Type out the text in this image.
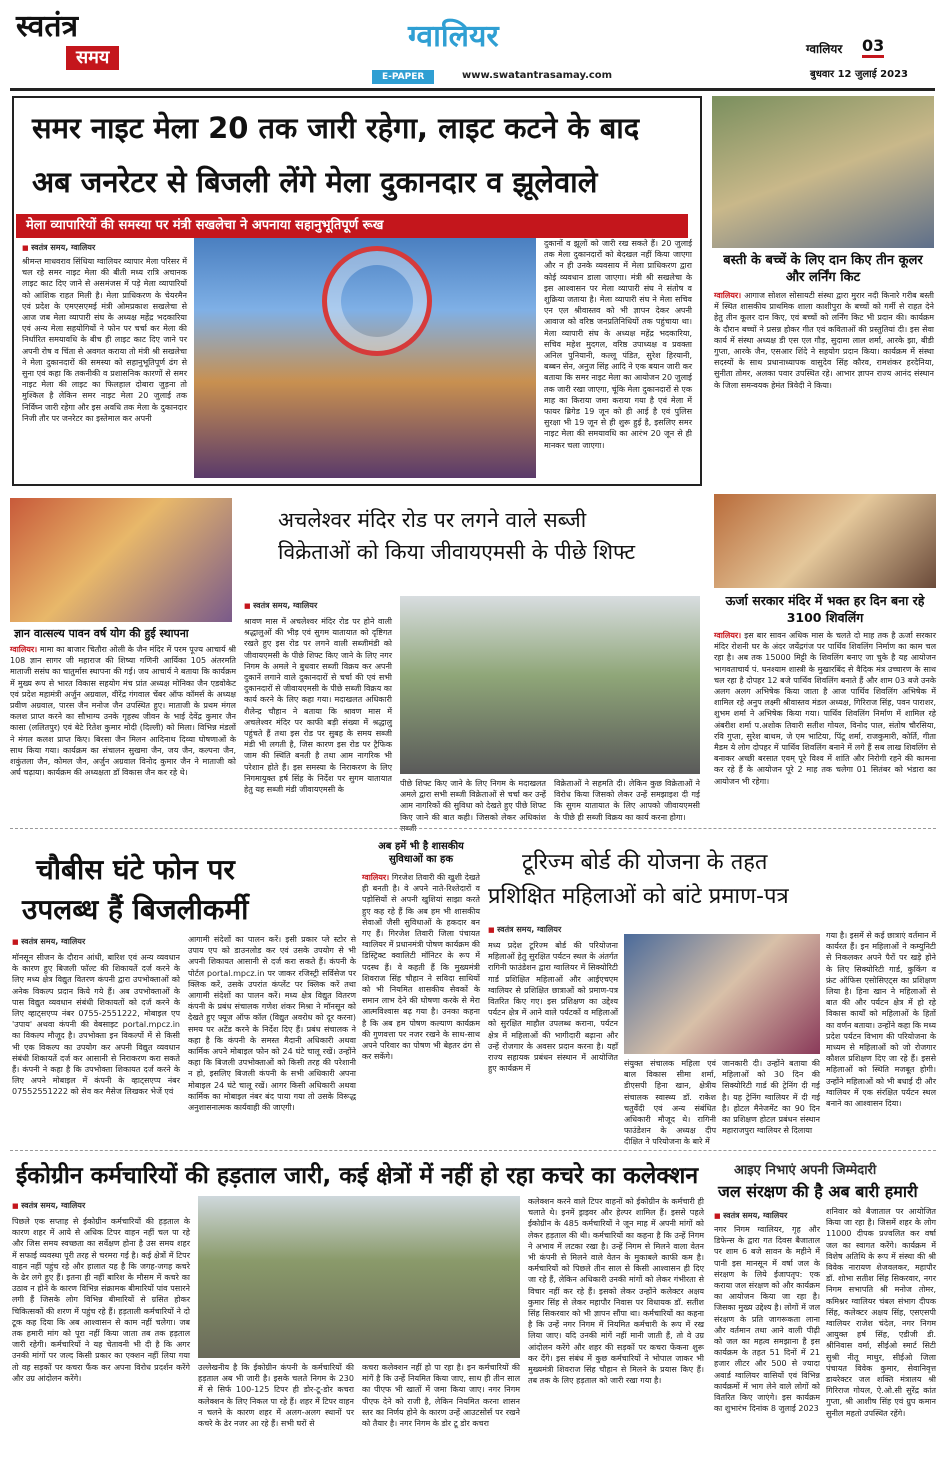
स्वतंत्र
समय
ग्वालियर
E-PAPER	www.swatantrasamay.com
ग्वालियर 03
बुधवार 12 जुलाई 2023
समर नाइट मेला 20 तक जारी रहेगा, लाइट कटने के बाद
अब जनरेटर से बिजली लेंगे मेला दुकानदार व झूलेवाले
मेला व्यापारियों की समस्या पर मंत्री सखलेचा ने अपनाया सहानुभूतिपूर्ण रूख
■ स्वतंत्र समय, ग्वालियर
श्रीमन्त माधवराव सिंधिया ग्वालियर व्यापार मेला परिसर में चल रहे समर नाइट मेला की बीती मध्य रात्रि अचानक लाइट काट दिए जाने से असमंजस में पड़े मेला व्यापारियों को आंशिक राहत मिली है। मेला प्राधिकरण के चेयरमैन एवं प्रदेश के एमएसएमई मंत्री ओमप्रकाश सखलेचा से आज जब मेला व्यापारी संघ के अध्यक्ष महेंद्र भदकारिया एवं अन्य मेला सहयोगियों ने फोन पर चर्चा कर मेला की निर्धारित समयावधि के बीच ही लाइट काट दिए जाने पर अपनी रोष व चिंता से अवगत कराया तो मंत्री श्री सखलेचा ने मेला दुकानदारों की समस्या को सहानुभूतिपूर्ण ढंग से सुना एवं कहा कि तकनीकी व प्रशासनिक कारणों से समर नाइट मेला की लाइट का फिलहाल दोबारा जुड़ना तो मुश्किल है लेकिन समर नाइट मेला 20 जुलाई तक निर्विघ्न जारी रहेगा और इस अवधि तक मेला के दुकानदार निजी तौर पर जनरेटर का इस्तेमाल कर अपनी
दुकानों व झूलों को जारी रख सकते हैं। 20 जुलाई तक मेला दुकानदारों को बेदखल नहीं किया जाएगा और न ही उनके व्यवसाय में मेला प्राधिकरण द्वारा कोई व्यवधान डाला जाएगा। मंत्री श्री सखलेचा के इस आश्वासन पर मेला व्यापारी संघ ने संतोष व शुक्रिया जताया है। मेला व्यापारी संघ ने मेला सचिव एन एल श्रीवास्तव को भी ज्ञापन देकर अपनी आवाज को वरिष्ठ जनप्रतिनिधियों तक पहुंचाया था। मेला व्यापारी संघ के अध्यक्ष महेंद्र भदकारिया, सचिव महेश मुदगल, वरिष्ठ उपाध्यक्ष व प्रवक्ता अनिल पुनियानी, कल्लू पंडित, सुरेश हिरयानी, बब्बन सेन, अनुज सिंह आदि ने एक बयान जारी कर बताया कि समर नाइट मेला का आयोजन 20 जुलाई तक जारी रखा जाएगा, चूंकि मेला दुकानदारों से एक माह का किराया जमा कराया गया है एवं मेला में फायर ब्रिगेड 19 जून को ही आई है एवं पुलिस सुरक्षा भी 19 जून से ही शुरू हुई है, इसलिए समर नाइट मेला की समयावधि का आरंभ 20 जून से ही मानकर चला जाएगा।
बस्ती के बच्चें के लिए दान किए तीन कूलर और लर्निंग किट
ग्वालियर। आगाज सोशल सोसायटी संस्था द्वारा मुरार नदी किनारे गरीब बस्ती में स्थित शासकीय प्राथमिक शाला काशीपुरा के बच्चों को गर्मी से राहत देने हेतु तीन कूलर दान किए, एवं बच्चों को लर्निंग किट भी प्रदान की। कार्यक्रम के दौरान बच्चों ने प्रसन्न होकर गीत एवं कविताओं की प्रस्तुतियां दी। इस सेवा कार्य में संस्था अध्यक्ष डी एस एल गौड़, सुदामा लाल शर्मा, आरके झा, बीडी गुप्ता, आरके जैन, एसआर शिंदे ने सहयोग प्रदान किया। कार्यक्रम में संस्था सदस्यों के साथ प्रधानाध्यापक वासुदेव सिंह कौरव, रामशंकर हरदेनिया, सुनीता तोमर, अलका पवार उपस्थित रहे। आभार ज्ञापन राज्य आनंद संस्थान के जिला समन्वयक हेमंत त्रिवेदी ने किया।
ज्ञान वात्सल्य पावन वर्ष योग की हुई स्थापना
ग्वालियर। मामा का बाजार चितौरा ओली के जैन मंदिर में परम पूज्य आचार्य श्री 108 ज्ञान सागर जी महाराज की शिष्या गणिनी आर्यिका 105 अंतरमति माताजी ससंघ का चातुर्मास स्थापना की गई। जय आचार्य ने बताया कि कार्यक्रम में मुख्य रूप से भारत विकास सहयोग मंच प्रांत अध्यक्ष मोनिका जैन एडवोकेट एवं प्रदेश महामंत्री अर्जुन अग्रवाल, वीरेंद्र गंगवाल चेंबर ऑफ कॉमर्स के अध्यक्ष प्रवीण अग्रवाल, पारस जैन मनोज जैन उपस्थित हुए। माताजी के प्रथम मंगल कलश प्राप्त करने का सौभाग्य उनके गृहस्थ जीवन के भाई देवेंद्र कुमार जैन कासा (ललितपुर) एवं बेटे रितेश कुमार मोदी (दिल्ली) को मिला। विभिन्न मंडलों ने मंगल कलश प्राप्त किए। बिरसा जैन मिलन आदिनाथ दिव्या घोषणाओं के साथ किया गया। कार्यक्रम का संचालन सुखमा जैन, जय जैन, कल्पना जैन, शकुंतला जैन, कोमल जैन, अर्जुन अग्रवाल विनोद कुमार जैन ने माताजी को अर्घ चढ़ाया। कार्यक्रम की अध्यक्षता डॉ विकास जैन कर रहे थे।
अचलेश्वर मंदिर रोड पर लगने वाले सब्जी
विक्रेताओं को किया जीवायएमसी के पीछे शिफ्ट
■ स्वतंत्र समय, ग्वालियर
श्रावण मास में अचलेश्वर मंदिर रोड पर होने वाली श्रद्धालुओं की भीड़ एवं सुगम यातायात को दृष्टिगत रखते हुए इस रोड पर लगने वाली सब्जीमंडी को जीवायएमसी के पीछे शिफ्ट किए जाने के लिए नगर निगम के अमले ने बुधवार सब्जी विक्रय कर अपनी दुकानें लगाने वाले दुकानदारों से चर्चा की एवं सभी दुकानदारों से जीवायएमसी के पीछे सब्जी विक्रय का कार्य करने के लिए कहा गया। मदाखलत अधिकारी शैलेन्द्र चौहान ने बताया कि श्रावण मास में अचलेश्वर मंदिर पर काफी बड़ी संख्या में श्रद्धालु पहुंचते हैं तथा इस रोड पर सुबह के समय सब्जी मंडी भी लगती है, जिस कारण इस रोड पर ट्रैफिक जाम की स्थिति बनती है तथा आम नागरिक भी परेशान होते हैं। इस समस्या के निराकरण के लिए निगमायुक्त हर्ष सिंह के निर्देश पर सुगम यातायात हेतु यह सब्जी मंडी जीवायएमसी के
पीछे शिफ्ट किए जाने के लिए निगम के मदाखलत अमले द्वारा सभी सब्जी विक्रेताओं से चर्चा कर उन्हें आम नागरिकों की सुविधा को देखते हुए पीछे शिफ्ट किए जाने की बात कही। जिसको लेकर अधिकांश सब्जी
विक्रेताओं ने सहमति दी। लेकिन कुछ विक्रेताओं ने विरोध किया जिसको लेकर उन्हें समझाइश दी गई कि सुगम यातायात के लिए आपको जीवायएमसी के पीछे ही सब्जी विक्रय का कार्य करना होगा।
ऊर्जा सरकार मंदिर में भक्त हर दिन बना रहे 3100 शिवलिंग
ग्वालियर। इस बार सावन अधिक मास के चलते दो माह तक है ऊर्जा सरकार मंदिर रोशनी घर के अंदर जयेंद्रगंज पर पार्थिव शिवलिंग निर्माण का काम चल रहा है। अब तक 15000 मिट्टी के शिवलिंग बनाए जा चुके है यह आयोजन भागवताचार्य पं. घनश्याम शास्त्री के मुखारबिंद से वैदिक मंत्र उच्चारण के साथ चल रहा है दोपहर 12 बजे पार्थिव शिवलिंग बनाते हैं और शाम 03 बजे उनके अलग अलग अभिषेक किया जाता है आज पार्थिव शिवलिंग अभिषेक में शामिल रहे अनुप लक्ष्मी श्रीवास्तव मंडल अध्यक्ष, गिरिराज सिंह, पवन पाराशर, शुभम शर्मा ने अभिषेक किया गया। पार्थिव शिवलिंग निर्माण में शामिल रहे अंबरीश शर्मा प.अशोक तिवारी सतीश गोयल, विनोद पाल, संतोष चौरसिया, रवि गुप्ता, सुरेश बाथम, जे एम भाटिया, पिंटू शर्मा, राजकुमारी, कोर्ति, गीता मैडम ये लोग दोपहर में पार्थिव शिवलिंग बनाने में लगे हैं सब लाख शिवलिंग से बनाकर अच्छी बरसात एवम् पूरे विश्व में शांति और निरोगी रहने की कामना कर रहे हैं के आयोजन पूरे 2 माह तक चलेगा 01 सितंबर को भंडारा का आयोजन भी रहेगा।
चौबीस घंटे फोन पर
उपलब्ध हैं बिजलीकर्मी
■ स्वतंत्र समय, ग्वालियर
मॉनसून सीजन के दौरान आंधी, बारिश एवं अन्य व्यवधान के कारण हुए बिजली फॉल्ट की शिकायतें दर्ज करने के लिए मध्य क्षेत्र विद्युत वितरण कंपनी द्वारा उपभोक्ताओं को अनेक विकल्प प्रदान किये गये हैं। अब उपभोक्ताओं के पास विद्युत व्यवधान संबंधी शिकायतों को दर्ज करने के लिए व्हाट्सएप्प नंबर 0755-2551222, मोबाइल एप 'उपाय' अथवा कंपनी की वेबसाइट portal.mpcz.in का विकल्प मौजूद है। उपभोक्ता इन विकल्पों में से किसी भी एक विकल्प का उपयोग कर अपनी विद्युत व्यवधान संबंधी शिकायतें दर्ज कर आसानी से निराकरण करा सकते हैं। कंपनी ने कहा है कि उपभोक्ता शिकायत दर्ज करने के लिए अपने मोबाइल में कंपनी के व्हाट्सएप्प नंबर 07552551222 को सेव कर मैसेज लिखकर भेजें एवं
आगामी संदेशों का पालन करें। इसी प्रकार प्ले स्टोर से उपाय एप को डाउनलोड कर एवं उसके उपयोग से भी अपनी शिकायत आसानी से दर्ज करा सकते हैं। कंपनी के पोर्टल portal.mpcz.in पर जाकर रजिस्ट्री सर्विसेज पर क्लिक करें, उसके उपरांत कंप्लेंट पर क्लिक करें तथा आगामी संदेशों का पालन करें। मध्य क्षेत्र विद्युत वितरण कंपनी के प्रबंध संचालक गणेश शंकर मिश्रा ने मॉनसून को देखते हुए फ्यूज ऑफ कॉल (विद्युत अवरोध को दूर करना) समय पर अटेंड करने के निर्देश दिए हैं। प्रबंध संचालक ने कहा है कि कंपनी के समस्त मैदानी अधिकारी अथवा कार्मिक अपने मोबाइल फोन को 24 घंटे चालू रखें। उन्होंने कहा कि बिजली उपभोक्ताओं को किसी तरह की परेशानी न हो, इसलिए बिजली कंपनी के सभी अधिकारी अपना मोबाइल 24 घंटे चालू रखें। आगर किसी अधिकारी अथवा कार्मिक का मोबाइल नंबर बंद पाया गया तो उसके विरूद्ध अनुशासनात्मक कार्यवाही की जाएगी।
अब हमें भी है शासकीय सुविधाओं का हक
ग्वालियर। गिरजेश तिवारी की खुशी देखते ही बनती है। वे अपने नाते-रिश्तेदारों व पड़ोसियों से अपनी खुशियां साझा करते हुए कह रहे हैं कि अब हम भी शासकीय सेवाओं जैसी सुविधाओं के हकदार बन गए हैं। गिरजेश तिवारी जिला पंचायत ग्वालियर में प्रधानमंत्री पोषण कार्यक्रम की डिस्ट्रिक्ट क्वालिटी मॉनिटर के रूप में पदस्थ हैं। वे कहती हैं कि मुख्यमंत्री शिवराज सिंह चौहान ने सविदा साथियों को भी नियमित शासकीय सेवकों के समान लाभ देने की घोषणा करके से मेरा आत्मविश्वास बढ़ गया है। उनका कहना है कि अब हम पोषण कल्याण कार्यक्रम की गुणवत्ता पर नजर रखने के साथ-साथ अपने परिवार का पोषण भी बेहतर ढंग से कर सकेंगे।
टूरिज्म बोर्ड की योजना के तहत
प्रशिक्षित महिलाओं को बांटे प्रमाण-पत्र
■ स्वतंत्र समय, ग्वालियर
मध्य प्रदेश टूरिज्म बोर्ड की परियोजना महिलाओं हेतु सुरक्षित पर्यटन स्थल के अंतर्गत रागिनी फाउंडेशन द्वारा ग्वालियर में सिक्योरिटी गार्ड प्रशिक्षित महिलाओं और आईएचएम ग्वालियर से प्रशिक्षित छात्राओं को प्रमाण-पत्र वितरित किए गए। इस प्रशिक्षण का उद्देश्य पर्यटन क्षेत्र में आने वाले पर्यटकों व महिलाओं को सुरक्षित माहौल उपलब्ध कराना, पर्यटन क्षेत्र में महिलाओं की भागीदारी बढ़ाना और उन्हें रोजगार के अवसर प्रदान करना है। यहाँ राज्य सहायक प्रबंधन संस्थान में आयोजित हुए कार्यक्रम में
संयुक्त संचालक महिला एवं बाल विकास सीमा शर्मा, डीएसपी हिना खान, क्षेत्रीय संचालक स्वास्थ्य डॉ. राकेश चतुर्वेदी एवं अन्य संबंधित अधिकारी मौजूद थे। रागिनी फाउंडेशन के अध्यक्ष दीप दीक्षित ने परियोजना के बारे में
जानकारी दी। उन्होंने बताया की महिलाओं को 30 दिन की सिक्योरिटी गार्ड की ट्रेनिंग दी गई है। यह ट्रेनिंग ग्वालियर में दी गई है। होटल मैनेजमेंट का 90 दिन का प्रशिक्षण होटल प्रबंधन संस्थान महाराजपुरा ग्वालियर से दिलाया
गया है। इसमें से कई छात्राएं वर्तमान में कार्यरत हैं। इन महिलाओं ने कम्युनिटी से निकलकर अपने पैरों पर खड़े होने के लिए सिक्योरिटी गार्ड, कुकिंग व फ्रंट ऑफिस एसोसिएट्स का प्रशिक्षण लिया है। हिना खान ने महिलाओं से बात की और पर्यटन क्षेत्र में हो रहे विकास कार्यों को महिलाओं के हितों का वर्णन बताया। उन्होंने कहा कि मध्य प्रदेश पर्यटन विभाग की परियोजना के माध्यम से महिलाओं को जो रोजगार कौशल प्रशिक्षण दिए जा रहे हैं। इससे महिलाओं को स्थिति मजबूत होगी। उन्होंने महिलाओं को भी बधाई दी और ग्वालियर में एक संरक्षित पर्यटन स्थल बनाने का आश्वासन दिया।
ईकोग्रीन कर्मचारियों की हड़ताल जारी, कई क्षेत्रों में नहीं हो रहा कचरे का कलेक्शन
■ स्वतंत्र समय, ग्वालियर
पिछले एक सप्ताह से ईकोग्रीन कर्मचारियों की हड़ताल के कारण शहर में आये से अधिक टिपर वाहन नहीं चल पा रहे और जिस समय स्वच्छता का सर्वेक्षण होना है उस समय शहर में सफाई व्यवस्था पूरी तरह से चरमरा गई है। कई क्षेत्रों में टिपर वाहन नहीं पहुंच रहे और हालात यह है कि जगह-जगह कचरे के ढेर लगे हुए हैं। इतना ही नहीं बारिश के मौसम में कचरे का उठाव न होने के कारण विभिन्न संक्रामक बीमारियों पांव पसारने लगी हैं जिसके लोग विभिन्न बीमारियों से ग्रसित होकर चिकित्सकों की शरण में पहुंच रहे हैं। हड़ताली कर्मचारियों ने दो टूक कह दिया कि अब आश्वासन से काम नहीं चलेगा। जब तक हमारी मांग को पूरा नहीं किया जाता तब तक हड़ताल जारी रहेगी। कर्मचारियों ने यह चेतावनी भी दी है कि अगर उनकी मांगों पर जल्द किसी प्रकार का एक्शन नहीं लिया गया तो वह सड़कों पर कचरा फैंक कर अपना विरोध प्रदर्शन करेंगे और उग्र आंदोलन करेंगे।
उल्लेखनीय है कि ईकोग्रीन कंपनी के कर्मचारियों की हड़ताल अब भी जारी है। इसके चलते निगम के 230 में से सिर्फ 100-125 टिपर ही डोर-टू-डोर कचरा कलेक्शन के लिए निकल पा रहे हैं। शहर में टिपर वाहन न चलने के कारण शहर में अलग-अलग स्थानों पर कचरे के ढेर नजर आ रहे हैं। सभी घरों से
कचरा कलेक्शन नहीं हो पा रहा है। इन कर्मचारियों की मांगें है कि उन्हें नियमित किया जाए, साथ ही तीन साल का पीएफ भी खातों में जमा किया जाए। नगर निगम पीएफ देने को राजी है, लेकिन नियमित करना शासन स्तर का निर्णय होने के कारण उन्हें आउटसोर्स पर रखने को तैयार है। नगर निगम के डोर टू डोर कचरा
कलेक्शन करने वाले टिपर वाहनों को ईकोग्रीन के कर्मचारी ही चलाते थे। इनमें ड्राइवर और हेल्पर शामिल हैं। इससे पहले ईकोग्रीन के 485 कर्मचारियों ने जून माह में अपनी मांगों को लेकर हड़ताल की थी। कर्मचारियों का कहना है कि उन्हें निगम ने अभाव में लटका रखा है। उन्हें निगम से मिलने वाला वेतन भी कंपनी से मिलने वाले वेतन के मुकाबले काफी कम है। कर्मचारियों को पिछले तीन साल से किसी आश्वासन ही दिए जा रहे हैं, लेकिन अधिकारी उनकी मांगों को लेकर गंभीरता से विचार नहीं कर रहे हैं। इसको लेकर उन्होंने कलेक्टर अक्षय कुमार सिंह से लेकर महापौर निवास पर विधायक डॉ. सतीश सिंह सिकरवार को भी ज्ञापन सौंपा था। कर्मचारियों का कहना है कि उन्हें नगर निगम में नियमित कर्मचारी के रूप में रख लिया जाए। यदि उनकी मांगें नहीं मानी जाती हैं, तो वे उग्र आंदोलन करेंगे और शहर की सड़कों पर कचरा फेंकना शुरू कर देंगे। इस संबंध में कुछ कर्मचारियों ने भोपाल जाकर भी मुख्यमंत्री शिवराज सिंह चौहान से मिलने के प्रयास किए हैं। तब तक के लिए हड़ताल को जारी रखा गया है।
आइए निभाएं अपनी जिम्मेदारी
जल संरक्षण की है अब बारी हमारी
■ स्वतंत्र समय, ग्वालियर
नगर निगम ग्वालियर, गृह और डिफेन्स के द्वारा गत दिवस बैजाताल पर शाम 6 बजे सावन के महीने में पानी इस मानसून में वर्षा जल के संरक्षण के लिये ईजापतृप: एक कराया जल संरक्षण को और कार्यक्रम का आयोजन किया जा रहा है। जिसका मुख्य उद्देश्य है। लोगों में जल संरक्षण के प्रति जागरूकता लाना और वर्तमान तथा आने वाली पीढ़ी को जल का महत्व समझाना है इस कार्यक्रम के तहत 51 दिनों में 21 हजार लीटर और 500 से ज्यादा अवार्ड ग्वालियर वासियों एवं विभिन्न कार्यक्रमों में भाग लेने वाले लोगों को वितरित किए जाएंगे। इस कार्यक्रम का शुभारंभ दिनांक 8 जुलाई 2023
शनिवार को बैजाताल पर आयोजित किया जा रहा है। जिसमें शहर के लोग 11000 दीपक प्रज्वलित कर वर्षा जल का स्वागत करेंगे। कार्यक्रम में विशेष अतिथि के रूप में संस्था की श्री विवेक नारायण शेजवलकर, महापौर डॉ. शोभा सतीश सिंह सिकरवार, नगर निगम सभापति श्री मनोज तोमर, कमिश्नर ग्वालियर चंबल संभाग दीपक सिंह, कलेक्टर अक्षय सिंह, एसएसपी ग्वालियर राजेश चंदेल, नगर निगम आयुक्त हर्ष सिंह, एडीजी डी. श्रीनिवास वर्मा, सीईओ स्मार्ट सिटी सुश्री नीतू माथुर, सीईओ जिला पंचायत विवेक कुमार, सेवानिवृत्त डायरेक्टर जल शक्ति मंत्रालय श्री गिरिराज गोयल, ऐ.ओ.सी सुरेंद्र कांत गुप्ता, श्री आशीष सिंह एवं ग्रुप कमान सुनील महतो उपस्थित रहेंगे।
